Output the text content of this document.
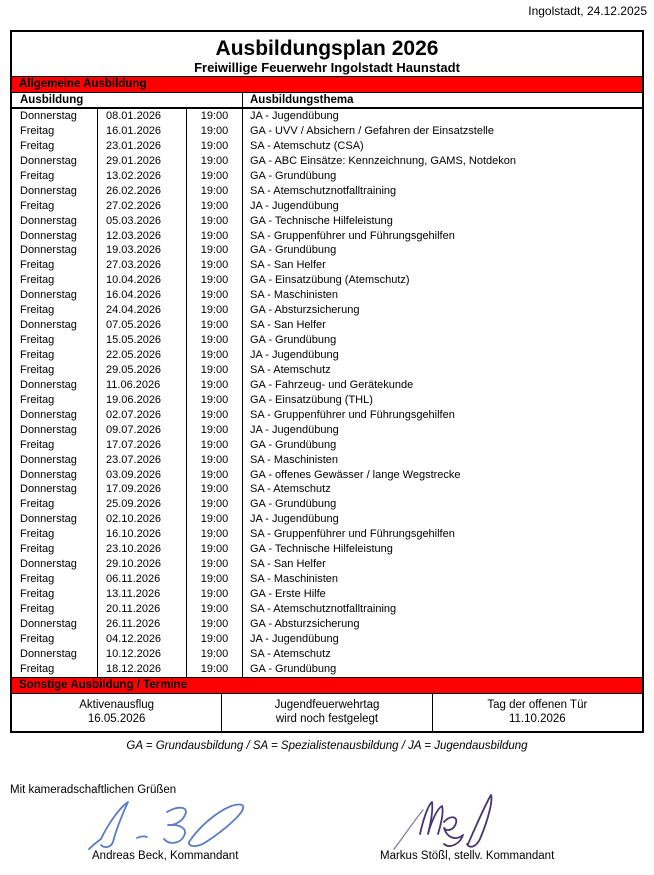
Ingolstadt, 24.12.2025
Ausbildungsplan 2026
Freiwillige Feuerwehr Ingolstadt Haunstadt
Allgemeine Ausbildung
Ausbildung	Ausbildungsthema
Donnerstag	08.01.2026	19:00	JA - Jugendübung
Freitag	16.01.2026	19:00	GA - UVV / Absichern / Gefahren der Einsatzstelle
Freitag	23.01.2026	19:00	SA - Atemschutz (CSA)
Donnerstag	29.01.2026	19:00	GA - ABC Einsätze: Kennzeichnung, GAMS, Notdekon
Freitag	13.02.2026	19:00	GA - Grundübung
Donnerstag	26.02.2026	19:00	SA - Atemschutznotfalltraining
Freitag	27.02.2026	19:00	JA - Jugendübung
Donnerstag	05.03.2026	19:00	GA - Technische Hilfeleistung
Donnerstag	12.03.2026	19:00	SA - Gruppenführer und Führungsgehilfen
Donnerstag	19.03.2026	19:00	GA - Grundübung
Freitag	27.03.2026	19:00	SA - San Helfer
Freitag	10.04.2026	19:00	GA - Einsatzübung (Atemschutz)
Donnerstag	16.04.2026	19:00	SA - Maschinisten
Freitag	24.04.2026	19:00	GA - Absturzsicherung
Donnerstag	07.05.2026	19:00	SA - San Helfer
Freitag	15.05.2026	19:00	GA - Grundübung
Freitag	22.05.2026	19:00	JA - Jugendübung
Freitag	29.05.2026	19:00	SA - Atemschutz
Donnerstag	11.06.2026	19:00	GA - Fahrzeug- und Gerätekunde
Freitag	19.06.2026	19:00	GA - Einsatzübung (THL)
Donnerstag	02.07.2026	19:00	SA - Gruppenführer und Führungsgehilfen
Donnerstag	09.07.2026	19:00	JA - Jugendübung
Freitag	17.07.2026	19:00	GA - Grundübung
Donnerstag	23.07.2026	19:00	SA - Maschinisten
Donnerstag	03.09.2026	19:00	GA - offenes Gewässer / lange Wegstrecke
Donnerstag	17.09.2026	19:00	SA - Atemschutz
Freitag	25.09.2026	19:00	GA - Grundübung
Donnerstag	02.10.2026	19:00	JA - Jugendübung
Freitag	16.10.2026	19:00	SA - Gruppenführer und Führungsgehilfen
Freitag	23.10.2026	19:00	GA - Technische Hilfeleistung
Donnerstag	29.10.2026	19:00	SA - San Helfer
Freitag	06.11.2026	19:00	SA - Maschinisten
Freitag	13.11.2026	19:00	GA - Erste Hilfe
Freitag	20.11.2026	19:00	SA - Atemschutznotfalltraining
Donnerstag	26.11.2026	19:00	GA - Absturzsicherung
Freitag	04.12.2026	19:00	JA - Jugendübung
Donnerstag	10.12.2026	19:00	SA - Atemschutz
Freitag	18.12.2026	19:00	GA - Grundübung
Sonstige Ausbildung / Termine
Aktivenausflug
16.05.2026
Jugendfeuerwehrtag
wird noch festgelegt
Tag der offenen Tür
11.10.2026
GA = Grundausbildung / SA = Spezialistenausbildung / JA = Jugendausbildung
Mit kameradschaftlichen Grüßen
Andreas Beck, Kommandant	Markus Stößl, stellv. Kommandant
